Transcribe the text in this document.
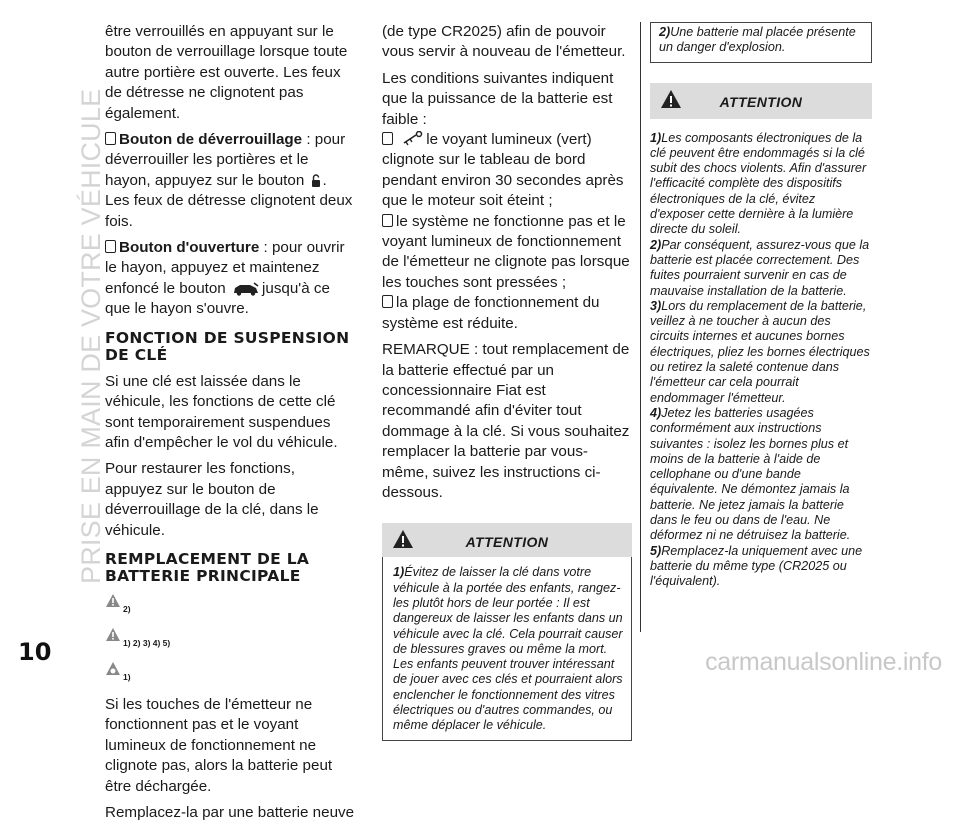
PRISE EN MAIN DE VOTRE VÉHICULE

être verrouillés en appuyant sur le bouton de verrouillage lorsque toute autre portière est ouverte. Les feux de détresse ne clignotent pas également.

Bouton de déverrouillage : pour déverrouiller les portières et le hayon, appuyez sur le bouton . Les feux de détresse clignotent deux fois.

Bouton d'ouverture : pour ouvrir le hayon, appuyez et maintenez enfoncé le bouton jusqu'à ce que le hayon s'ouvre.

FONCTION DE SUSPENSION DE CLÉ

Si une clé est laissée dans le véhicule, les fonctions de cette clé sont temporairement suspendues afin d'empêcher le vol du véhicule.

Pour restaurer les fonctions, appuyez sur le bouton de déverrouillage de la clé, dans le véhicule.

REMPLACEMENT DE LA BATTERIE PRINCIPALE
2)
1) 2) 3) 4) 5)
1)

Si les touches de l'émetteur ne fonctionnent pas et le voyant lumineux de fonctionnement ne clignote pas, alors la batterie peut être déchargée.

Remplacez-la par une batterie neuve

(de type CR2025) afin de pouvoir vous servir à nouveau de l'émetteur.

Les conditions suivantes indiquent que la puissance de la batterie est faible :

le voyant lumineux (vert) clignote sur le tableau de bord pendant environ 30 secondes après que le moteur soit éteint ;

le système ne fonctionne pas et le voyant lumineux de fonctionnement de l'émetteur ne clignote pas lorsque les touches sont pressées ;

la plage de fonctionnement du système est réduite.

REMARQUE : tout remplacement de la batterie effectué par un concessionnaire Fiat est recommandé afin d'éviter tout dommage à la clé. Si vous souhaitez remplacer la batterie par vous-même, suivez les instructions ci-dessous.

ATTENTION
1)Évitez de laisser la clé dans votre véhicule à la portée des enfants, rangez-les plutôt hors de leur portée : Il est dangereux de laisser les enfants dans un véhicule avec la clé. Cela pourrait causer de blessures graves ou même la mort. Les enfants peuvent trouver intéressant de jouer avec ces clés et pourraient alors enclencher le fonctionnement des vitres électriques ou d'autres commandes, ou même déplacer le véhicule.
2)Une batterie mal placée présente un danger d'explosion.
ATTENTION
1)Les composants électroniques de la clé peuvent être endommagés si la clé subit des chocs violents. Afin d'assurer l'efficacité complète des dispositifs électroniques de la clé, évitez d'exposer cette dernière à la lumière directe du soleil.
2)Par conséquent, assurez-vous que la batterie est placée correctement. Des fuites pourraient survenir en cas de mauvaise installation de la batterie.
3)Lors du remplacement de la batterie, veillez à ne toucher à aucun des circuits internes et aucunes bornes électriques, pliez les bornes électriques ou retirez la saleté contenue dans l'émetteur car cela pourrait endommager l'émetteur.
4)Jetez les batteries usagées conformément aux instructions suivantes : isolez les bornes plus et moins de la batterie à l'aide de cellophane ou d'une bande équivalente. Ne démontez jamais la batterie. Ne jetez jamais la batterie dans le feu ou dans de l'eau. Ne déformez ni ne détruisez la batterie.
5)Remplacez-la uniquement avec une batterie du même type (CR2025 ou l'équivalent).
10	carmanualsonline.info
